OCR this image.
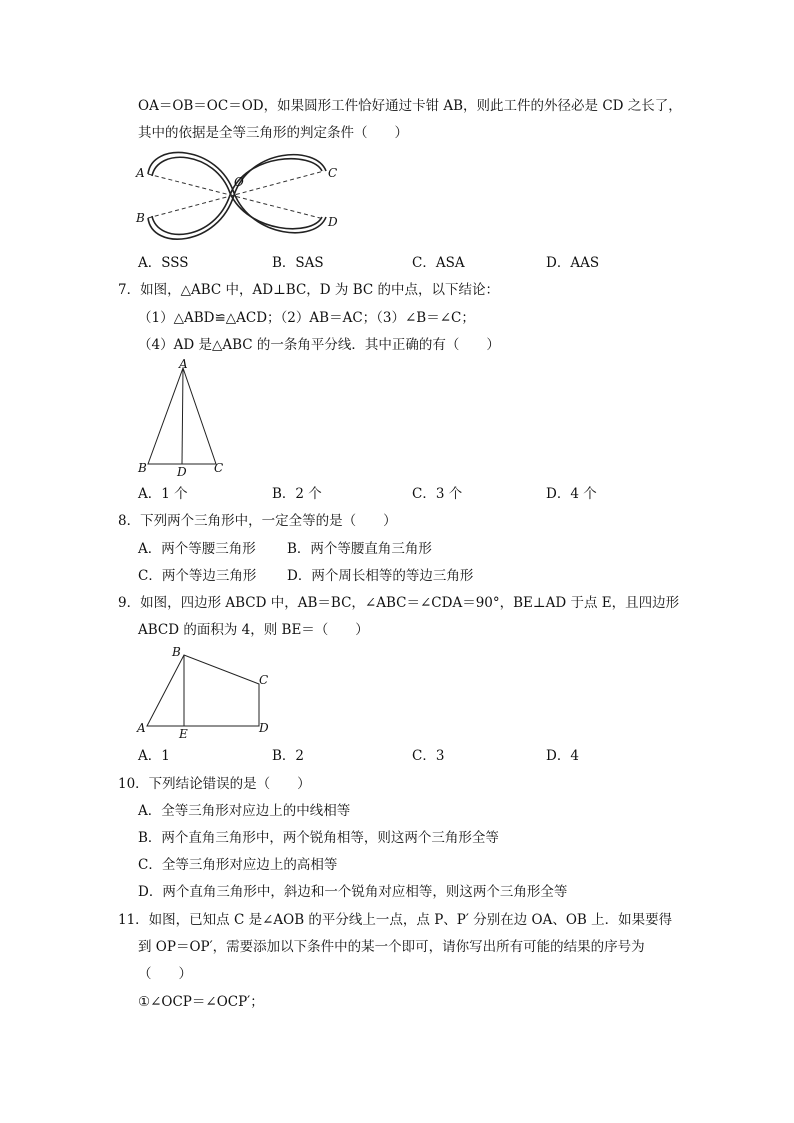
OA＝OB＝OC＝OD，如果圆形工件恰好通过卡钳 AB，则此工件的外径必是 CD 之长了，
其中的依据是全等三角形的判定条件（　　）
A
B
C
D
O
A．SSS	B．SAS	C．ASA	D．AAS
7．如图，△ABC 中，AD⊥BC，D 为 BC 的中点，以下结论：
（1）△ABD≌△ACD；（2）AB＝AC；（3）∠B＝∠C；
（4）AD 是△ABC 的一条角平分线．其中正确的有（　　）
A
B	D C
A．1 个	B．2 个	C．3 个	D．4 个
8．下列两个三角形中，一定全等的是（　　）
A．两个等腰三角形 B．两个等腰直角三角形
C．两个等边三角形 D．两个周长相等的等边三角形
9．如图，四边形 ABCD 中，AB＝BC，∠ABC＝∠CDA＝90°，BE⊥AD 于点 E，且四边形
ABCD 的面积为 4，则 BE＝（　　）
B
C
A	E	D
A．1	B．2	C．3	D．4
10．下列结论错误的是（　　）
A．全等三角形对应边上的中线相等
B．两个直角三角形中，两个锐角相等，则这两个三角形全等
C．全等三角形对应边上的高相等
D．两个直角三角形中，斜边和一个锐角对应相等，则这两个三角形全等
11．如图，已知点 C 是∠AOB 的平分线上一点，点 P、P′ 分别在边 OA、OB 上．如果要得
到 OP＝OP′，需要添加以下条件中的某一个即可，请你写出所有可能的结果的序号为
（　　）
①∠OCP＝∠OCP′；
